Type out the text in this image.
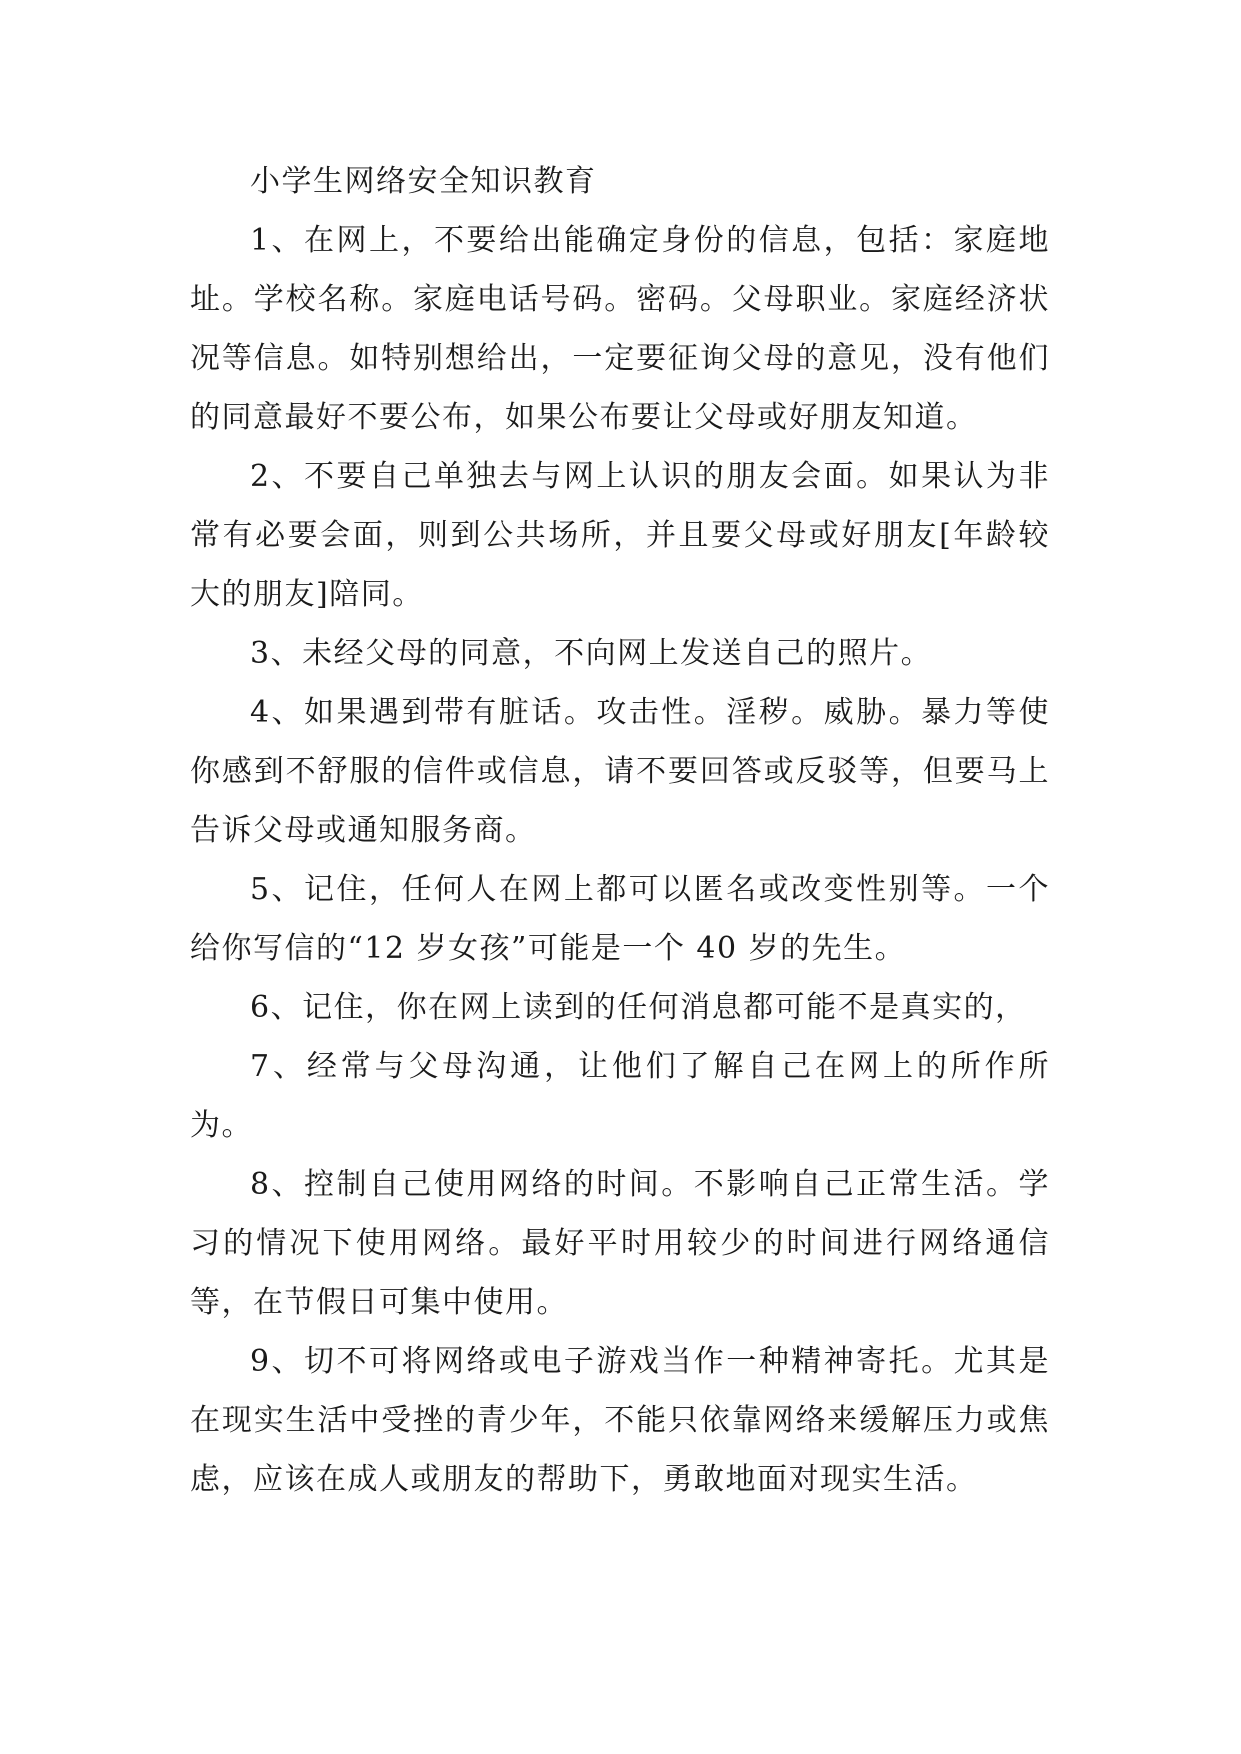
小学生网络安全知识教育

1、在网上，不要给出能确定身份的信息，包括：家庭地址。学校名称。家庭电话号码。密码。父母职业。家庭经济状况等信息。如特别想给出，一定要征询父母的意见，没有他们的同意最好不要公布，如果公布要让父母或好朋友知道。

2、不要自己单独去与网上认识的朋友会面。如果认为非常有必要会面，则到公共场所，并且要父母或好朋友[年龄较大的朋友]陪同。

3、未经父母的同意，不向网上发送自己的照片。

4、如果遇到带有脏话。攻击性。淫秽。威胁。暴力等使你感到不舒服的信件或信息，请不要回答或反驳等，但要马上告诉父母或通知服务商。

5、记住，任何人在网上都可以匿名或改变性别等。一个给你写信的“12 岁女孩”可能是一个 40 岁的先生。

6、记住，你在网上读到的任何消息都可能不是真实的，

7、经常与父母沟通，让他们了解自己在网上的所作所为。

8、控制自己使用网络的时间。不影响自己正常生活。学习的情况下使用网络。最好平时用较少的时间进行网络通信等，在节假日可集中使用。

9、切不可将网络或电子游戏当作一种精神寄托。尤其是在现实生活中受挫的青少年，不能只依靠网络来缓解压力或焦虑，应该在成人或朋友的帮助下，勇敢地面对现实生活。
